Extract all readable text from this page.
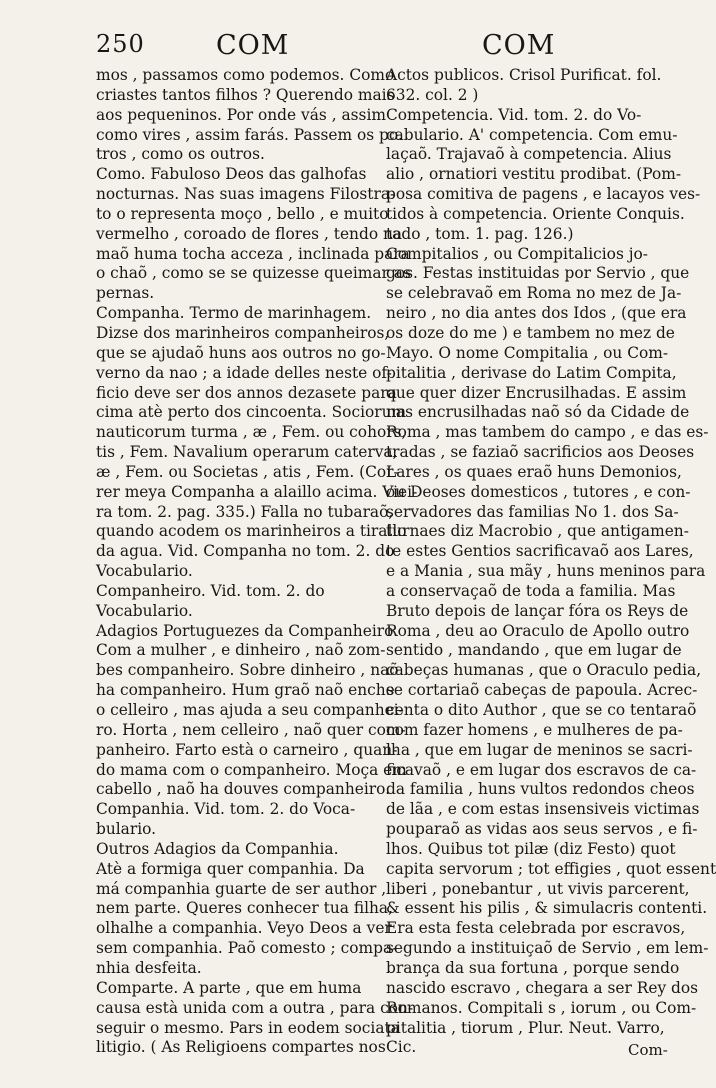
250	COM	COM
mos , passamos como podemos. Como
criastes tantos filhos ? Querendo mais
aos pequeninos. Por onde vás , assim
como vires , assim farás. Passem os po.
tros , como os outros.
Como. Fabuloso Deos das galhofas
nocturnas. Nas suas imagens Filostra-
to o representa moço , bello , e muito
vermelho , coroado de flores , tendo na
maõ huma tocha acceza , inclinada para
o chaõ , como se se quizesse queimar as
pernas.
Companha. Termo de marinhagem.
Dizse dos marinheiros companheiros,
que se ajudaõ huns aos outros no go-
verno da nao ; a idade delles neste of-
ficio deve ser dos annos dezasete para
cima atè perto dos cincoenta. Sociorum
nauticorum turma , æ , Fem. ou cohors,
tis , Fem. Navalium operarum caterva,
æ , Fem. ou Societas , atis , Fem. (Cor-
rer meya Companha a alaillo acima. Viei-
ra tom. 2. pag. 335.) Falla no tubaraõ,
quando acodem os marinheiros a tirallo
da agua. Vid. Companha no tom. 2. do
Vocabulario.
Companheiro. Vid. tom. 2. do
Vocabulario.
Adagios Portuguezes da Companheiro.
Com a mulher , e dinheiro , naõ zom-
bes companheiro. Sobre dinheiro , naõ
ha companheiro. Hum graõ naõ enche
o celleiro , mas ajuda a seu companhei-
ro. Horta , nem celleiro , naõ quer com-
panheiro. Farto està o carneiro , quan-
do mama com o companheiro. Moça em
cabello , naõ ha douves companheiro.
Companhia. Vid. tom. 2. do Voca-
bulario.
Outros Adagios da Companhia.
Atè a formiga quer companhia. Da
má companhia guarte de ser author ,
nem parte. Queres conhecer tua filha,
olhalhe a companhia. Veyo Deos a ver
sem companhia. Paõ comesto ; compa-
nhia desfeita.
Comparte. A parte , que em huma
causa està unida com a outra , para con-
seguir o mesmo. Pars in eodem sociata
litigio. ( As Religioens compartes nos
Actos publicos. Crisol Purificat. fol.
632. col. 2 )
Competencia. Vid. tom. 2. do Vo-
cabulario. A' competencia. Com emu-
laçaõ. Trajavaõ à competencia. Alius
alio , ornatiori vestitu prodibat. (Pom-
posa comitiva de pagens , e lacayos ves-
tidos à competencia. Oriente Conquis.
tado , tom. 1. pag. 126.)
Compitalios , ou Compitalicios jo-
gos. Festas instituidas por Servio , que
se celebravaõ em Roma no mez de Ja-
neiro , no dia antes dos Idos , (que era
os doze do me ) e tambem no mez de
Mayo. O nome Compitalia , ou Com-
pitalitia , derivase do Latim Compita,
que quer dizer Encrusilhadas. E assim
nas encrusilhadas naõ só da Cidade de
Roma , mas tambem do campo , e das es-
tradas , se faziaõ sacrificios aos Deoses
Lares , os quaes eraõ huns Demonios,
ou Deoses domesticos , tutores , e con-
servadores das familias No 1. dos Sa-
turnaes diz Macrobio , que antigamen-
te estes Gentios sacrificavaõ aos Lares,
e a Mania , sua mãy , huns meninos para
a conservaçaõ de toda a familia. Mas
Bruto depois de lançar fóra os Reys de
Roma , deu ao Oraculo de Apollo outro
sentido , mandando , que em lugar de
cabeças humanas , que o Oraculo pedia,
se cortariaõ cabeças de papoula. Acrec-
centa o dito Author , que se co tentaraõ
com fazer homens , e mulheres de pa-
lha , que em lugar de meninos se sacri-
ficavaõ , e em lugar dos escravos de ca-
da familia , huns vultos redondos cheos
de lãa , e com estas insensiveis victimas
pouparaõ as vidas aos seus servos , e fi-
lhos. Quibus tot pilæ (diz Festo) quot
capita servorum ; tot effigies , quot essent
liberi , ponebantur , ut vivis parcerent,
& essent his pilis , & simulacris contenti.
Era esta festa celebrada por escravos,
segundo a instituiçaõ de Servio , em lem-
brança da sua fortuna , porque sendo
nascido escravo , chegara a ser Rey dos
Romanos. Compitali s , iorum , ou Com-
pitalitia , tiorum , Plur. Neut. Varro,
Cic.	Com-
